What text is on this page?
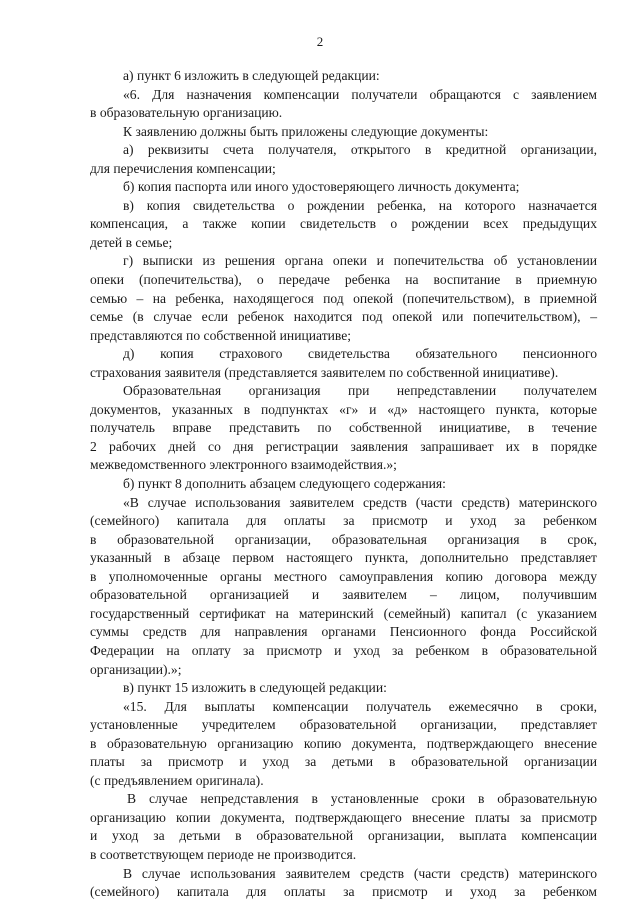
2
а) пункт 6 изложить в следующей редакции:
«6. Для назначения компенсации получатели обращаются с заявлением
в образовательную организацию.
К заявлению должны быть приложены следующие документы:
а) реквизиты счета получателя, открытого в кредитной организации,
для перечисления компенсации;
б) копия паспорта или иного удостоверяющего личность документа;
в) копия свидетельства о рождении ребенка, на которого назначается
компенсация, а также копии свидетельств о рождении всех предыдущих
детей в семье;
г) выписки из решения органа опеки и попечительства об установлении
опеки (попечительства), о передаче ребенка на воспитание в приемную
семью – на ребенка, находящегося под опекой (попечительством), в приемной
семье (в случае если ребенок находится под опекой или попечительством), –
представляются по собственной инициативе;
д) копия страхового свидетельства обязательного пенсионного
страхования заявителя (представляется заявителем по собственной инициативе).
Образовательная организация при непредставлении получателем
документов, указанных в подпунктах «г» и «д» настоящего пункта, которые
получатель вправе представить по собственной инициативе, в течение
2 рабочих дней со дня регистрации заявления запрашивает их в порядке
межведомственного электронного взаимодействия.»;
б) пункт 8 дополнить абзацем следующего содержания:
«В случае использования заявителем средств (части средств) материнского
(семейного) капитала для оплаты за присмотр и уход за ребенком
в образовательной организации, образовательная организация в срок,
указанный в абзаце первом настоящего пункта, дополнительно представляет
в уполномоченные органы местного самоуправления копию договора между
образовательной организацией и заявителем – лицом, получившим
государственный сертификат на материнский (семейный) капитал (с указанием
суммы средств для направления органами Пенсионного фонда Российской
Федерации на оплату за присмотр и уход за ребенком в образовательной
организации).»;
в) пункт 15 изложить в следующей редакции:
«15. Для выплаты компенсации получатель ежемесячно в сроки,
установленные учредителем образовательной организации, представляет
в образовательную организацию копию документа, подтверждающего внесение
платы за присмотр и уход за детьми в образовательной организации
(с предъявлением оригинала).
В случае непредставления в установленные сроки в образовательную
организацию копии документа, подтверждающего внесение платы за присмотр
и уход за детьми в образовательной организации, выплата компенсации
в соответствующем периоде не производится.
В случае использования заявителем средств (части средств) материнского
(семейного) капитала для оплаты за присмотр и уход за ребенком
